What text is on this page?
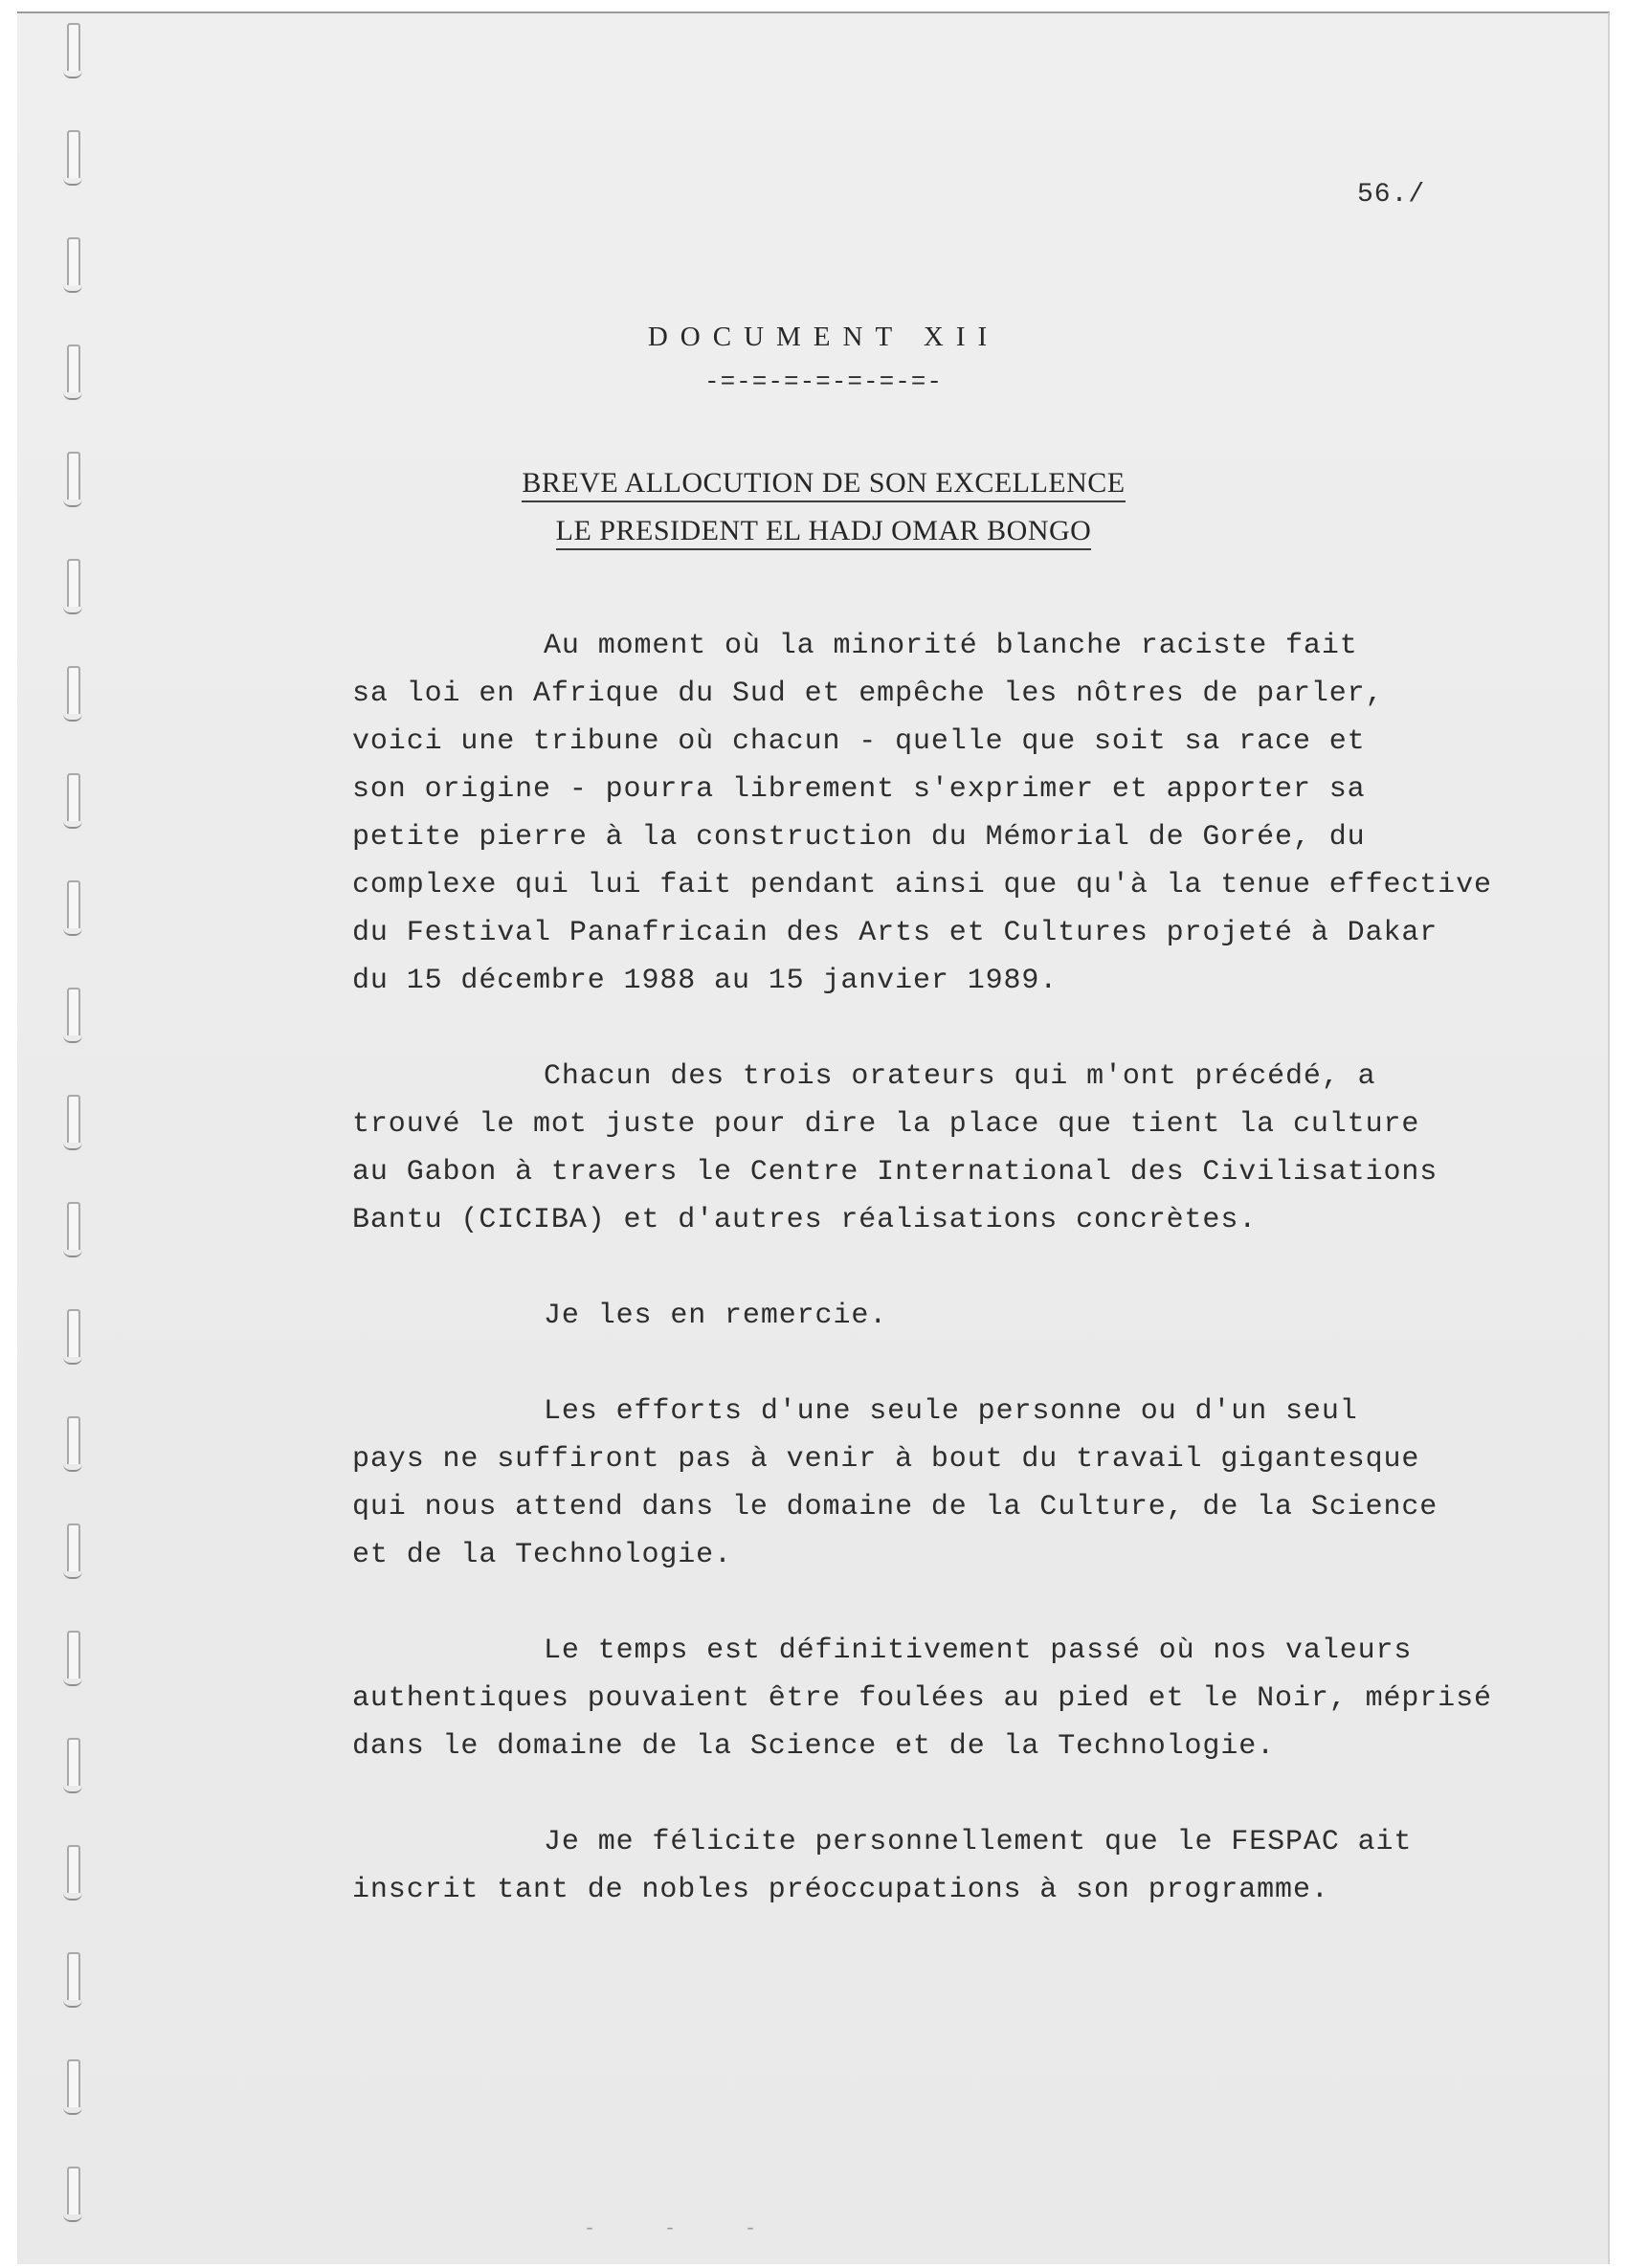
56./
DOCUMENT XII
-=-=-=-=-=-=-=-
BREVE ALLOCUTION DE SON EXCELLENCE
LE PRESIDENT EL HADJ OMAR BONGO

Au moment où la minorité blanche raciste fait
sa loi en Afrique du Sud et empêche les nôtres de parler,
voici une tribune où chacun - quelle que soit sa race et
son origine - pourra librement s'exprimer et apporter sa
petite pierre à la construction du Mémorial de Gorée, du
complexe qui lui fait pendant ainsi que qu'à la tenue effective
du Festival Panafricain des Arts et Cultures projeté à Dakar
du 15 décembre 1988 au 15 janvier 1989.

Chacun des trois orateurs qui m'ont précédé, a
trouvé le mot juste pour dire la place que tient la culture
au Gabon à travers le Centre International des Civilisations
Bantu (CICIBA) et d'autres réalisations concrètes.

Je les en remercie.

Les efforts d'une seule personne ou d'un seul
pays ne suffiront pas à venir à bout du travail gigantesque
qui nous attend dans le domaine de la Culture, de la Science
et de la Technologie.

Le temps est définitivement passé où nos valeurs
authentiques pouvaient être foulées au pied et le Noir, méprisé
dans le domaine de la Science et de la Technologie.

Je me félicite personnellement que le FESPAC ait
inscrit tant de nobles préoccupations à son programme.

- - -
